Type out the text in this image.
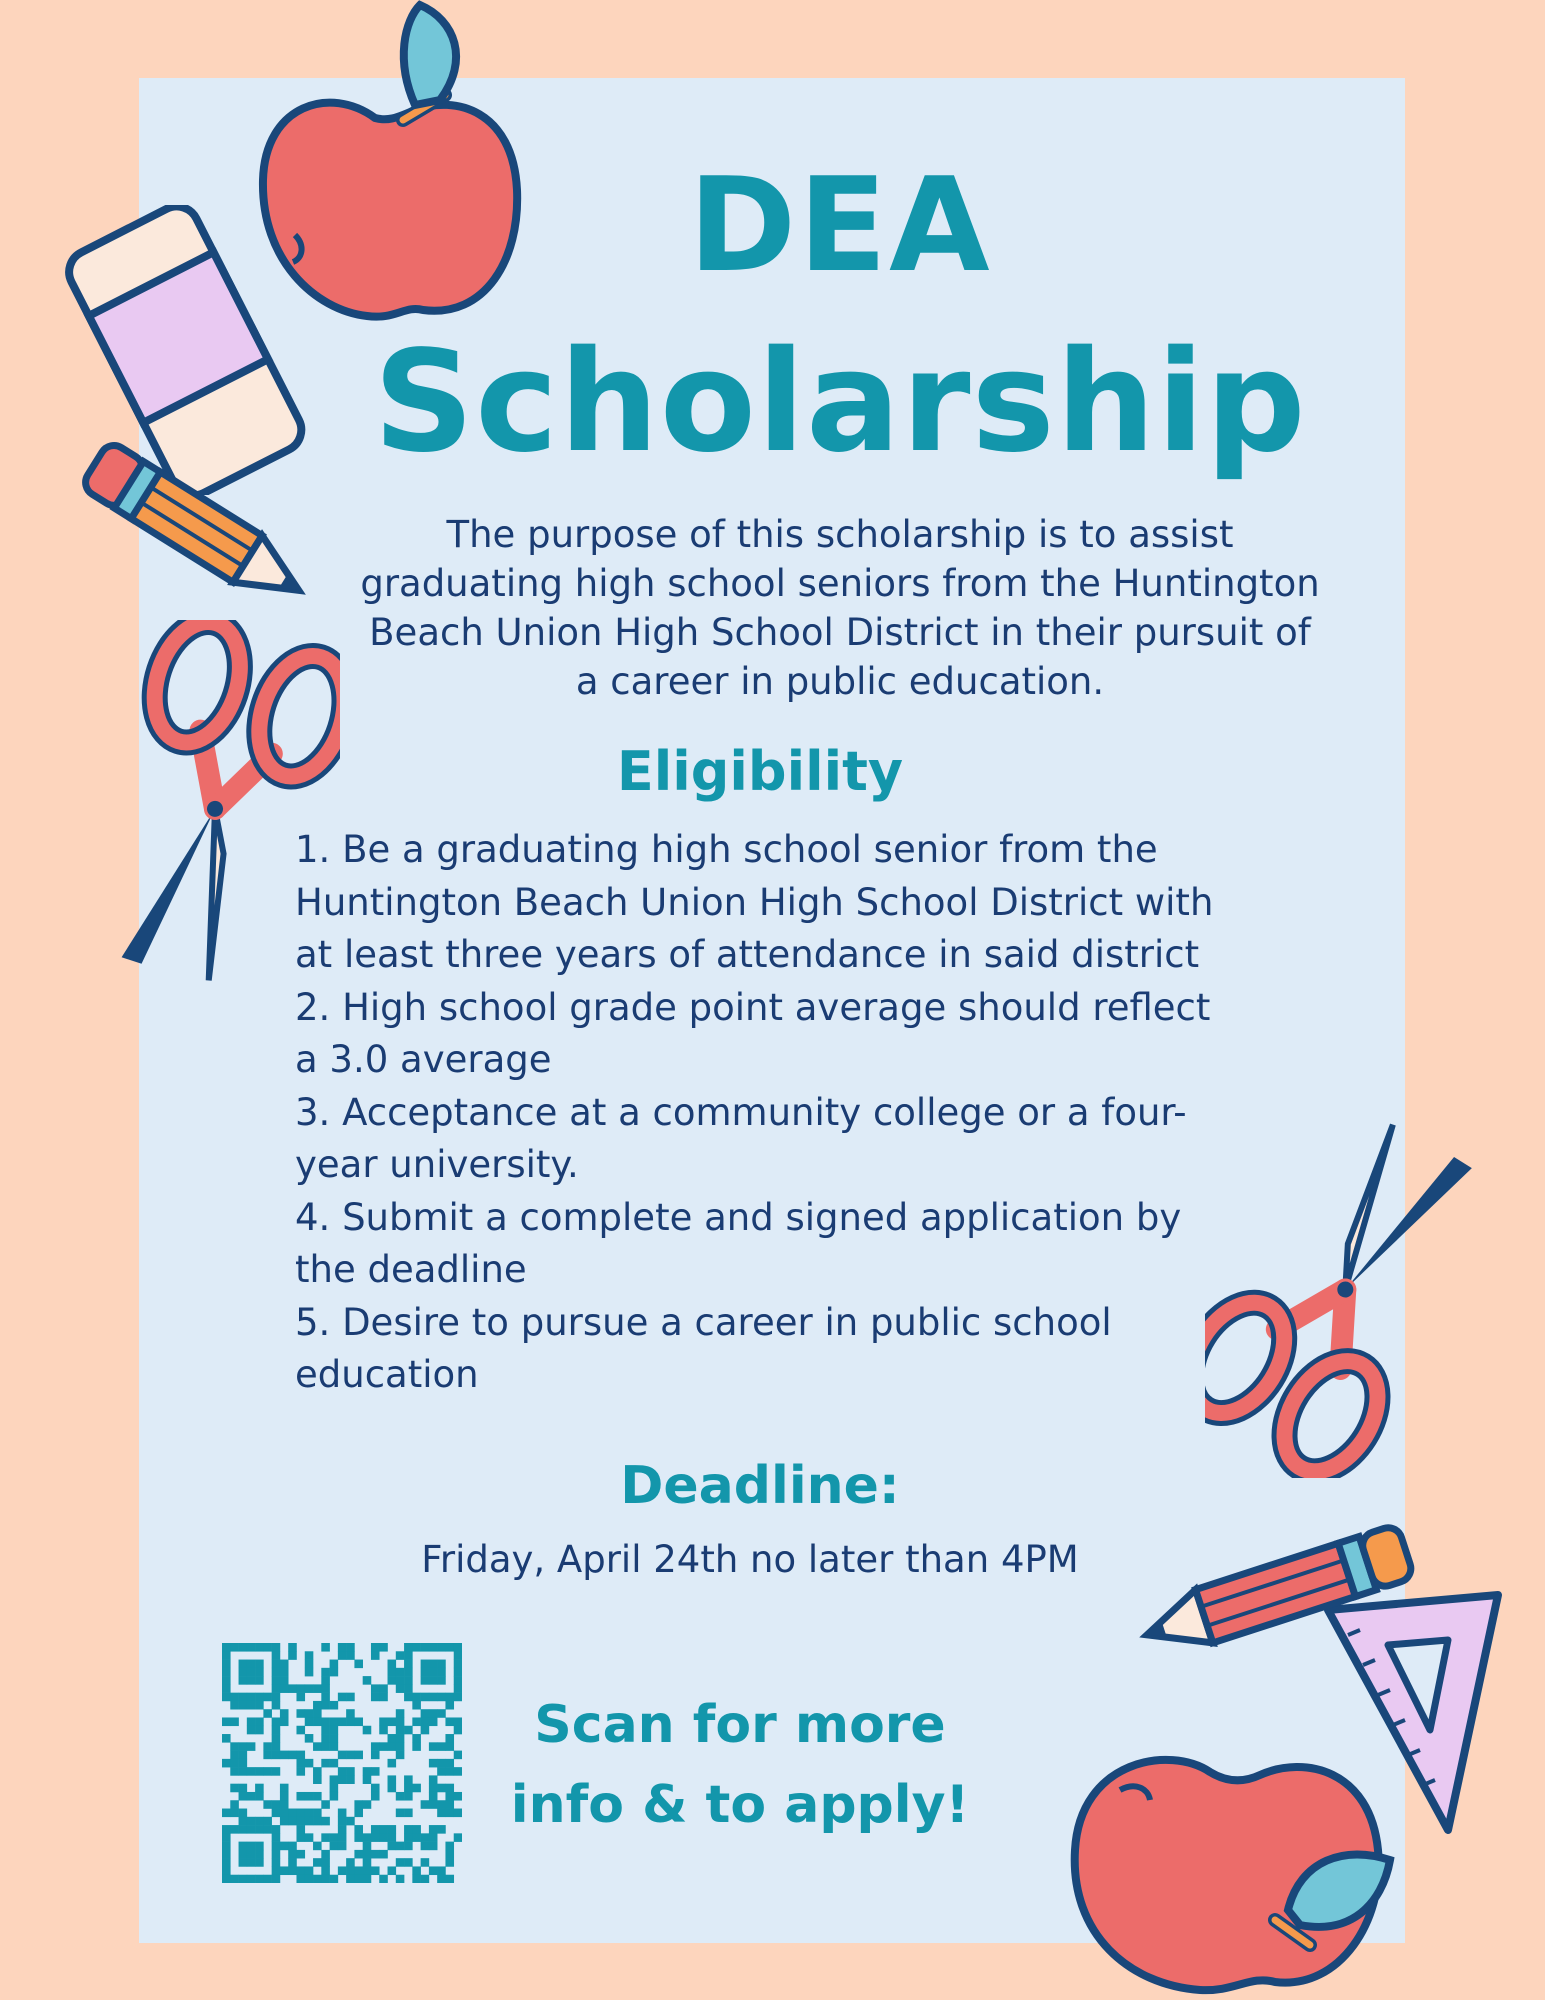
DEA
Scholarship

The purpose of this scholarship is to assist graduating high school seniors from the Huntington Beach Union High School District in their pursuit of a career in public education.

Eligibility
1. Be a graduating high school senior from the Huntington Beach Union High School District with at least three years of attendance in said district
2. High school grade point average should reflect a 3.0 average
3. Acceptance at a community college or a four-year university.
4. Submit a complete and signed application by the deadline
5. Desire to pursue a career in public school education
Deadline:

Friday, April 24th no later than 4PM

Scan for more
info & to apply!
